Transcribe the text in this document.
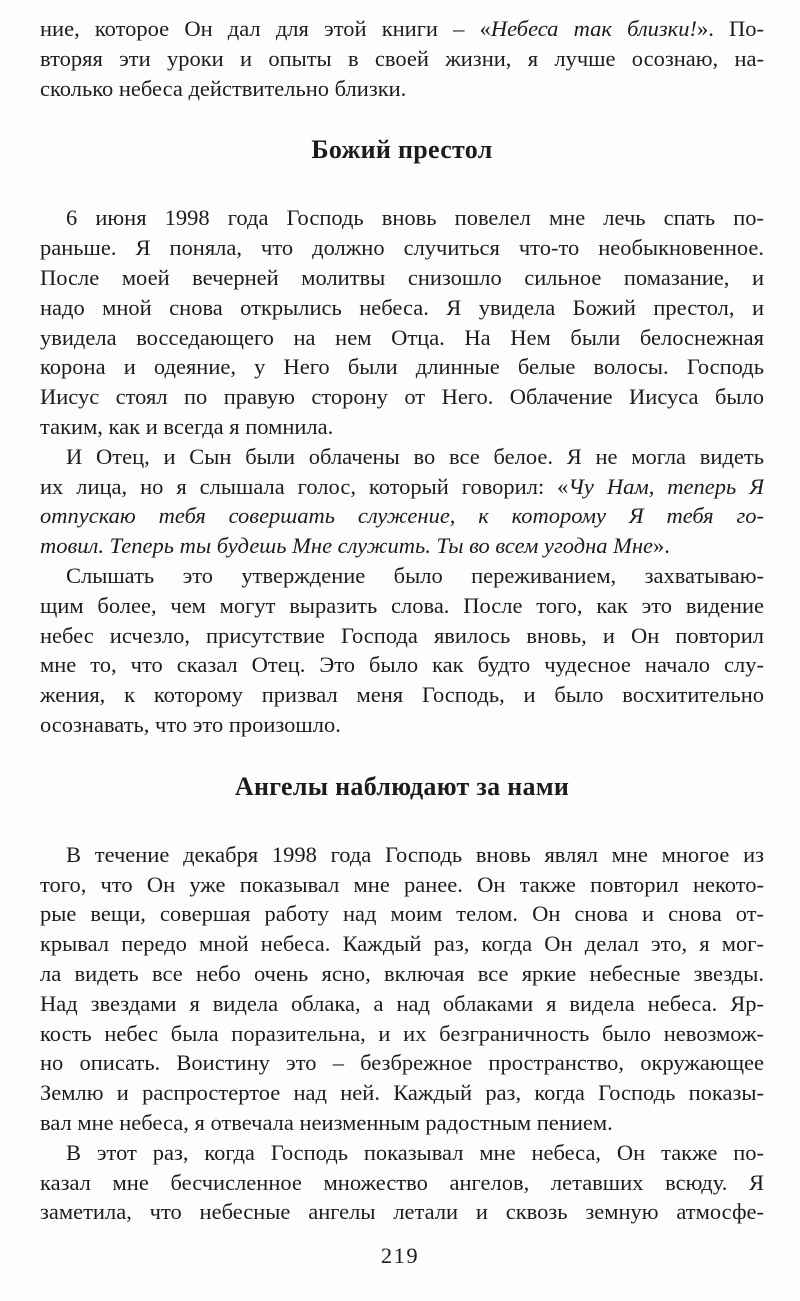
ние, которое Он дал для этой книги – «Небеса так близки!». По-
вторяя эти уроки и опыты в своей жизни, я лучше осознаю, на-
сколько небеса действительно близки.
Божий престол
6 июня 1998 года Господь вновь повелел мне лечь спать по-
раньше. Я поняла, что должно случиться что-то необыкновенное.
После моей вечерней молитвы снизошло сильное помазание, и
надо мной снова открылись небеса. Я увидела Божий престол, и
увидела восседающего на нем Отца. На Нем были белоснежная
корона и одеяние, у Него были длинные белые волосы. Господь
Иисус стоял по правую сторону от Него. Облачение Иисуса было
таким, как и всегда я помнила.
И Отец, и Сын были облачены во все белое. Я не могла видеть
их лица, но я слышала голос, который говорил: «Чу Нам, теперь Я
отпускаю тебя совершать служение, к которому Я тебя го-
товил. Теперь ты будешь Мне служить. Ты во всем угодна Мне».
Слышать это утверждение было переживанием, захватываю-
щим более, чем могут выразить слова. После того, как это видение
небес исчезло, присутствие Господа явилось вновь, и Он повторил
мне то, что сказал Отец. Это было как будто чудесное начало слу-
жения, к которому призвал меня Господь, и было восхитительно
осознавать, что это произошло.
Ангелы наблюдают за нами
В течение декабря 1998 года Господь вновь являл мне многое из
того, что Он уже показывал мне ранее. Он также повторил некото-
рые вещи, совершая работу над моим телом. Он снова и снова от-
крывал передо мной небеса. Каждый раз, когда Он делал это, я мог-
ла видеть все небо очень ясно, включая все яркие небесные звезды.
Над звездами я видела облака, а над облаками я видела небеса. Яр-
кость небес была поразительна, и их безграничность было невозмож-
но описать. Воистину это – безбрежное пространство, окружающее
Землю и распростертое над ней. Каждый раз, когда Господь показы-
вал мне небеса, я отвечала неизменным радостным пением.
В этот раз, когда Господь показывал мне небеса, Он также по-
казал мне бесчисленное множество ангелов, летавших всюду. Я
заметила, что небесные ангелы летали и сквозь земную атмосфе-
219
